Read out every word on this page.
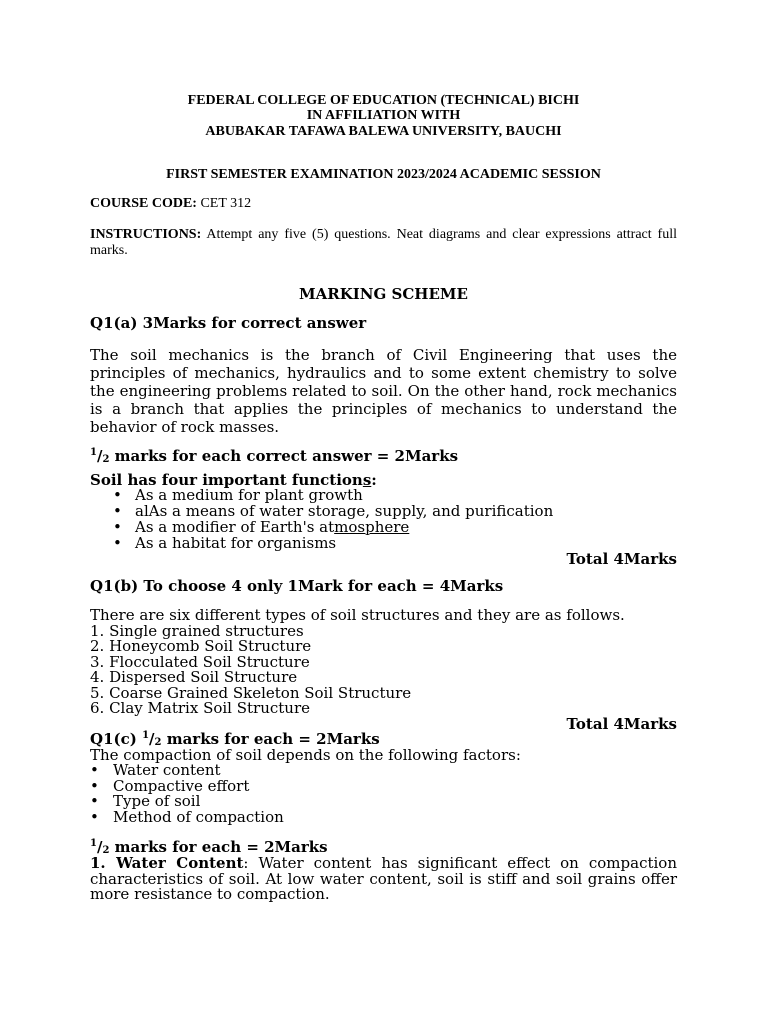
FEDERAL COLLEGE OF EDUCATION (TECHNICAL) BICHI
IN AFFILIATION WITH
ABUBAKAR TAFAWA BALEWA UNIVERSITY, BAUCHI
FIRST SEMESTER EXAMINATION 2023/2024 ACADEMIC SESSION
COURSE CODE: CET 312
INSTRUCTIONS: Attempt any five (5) questions. Neat diagrams and clear expressions attract full marks.
MARKING SCHEME
Q1(a) 3Marks for correct answer
The soil mechanics is the branch of Civil Engineering that uses the principles of mechanics, hydraulics and to some extent chemistry to solve the engineering problems related to soil. On the other hand, rock mechanics is a branch that applies the principles of mechanics to understand the behavior of rock masses.
$^1/_2$ marks for each correct answer = 2Marks
Soil has four important functions:
• As a medium for plant growth
• alAs a means of water storage, supply, and purification
• As a modifier of Earth's atmosphere
• As a habitat for organisms
Total 4Marks
Q1(b) To choose 4 only 1Mark for each = 4Marks
There are six different types of soil structures and they are as follows.
1. Single grained structures
2. Honeycomb Soil Structure
3. Flocculated Soil Structure
4. Dispersed Soil Structure
5. Coarse Grained Skeleton Soil Structure
6. Clay Matrix Soil Structure
Total 4Marks
Q1(c) $^1/_2$ marks for each = 2Marks
The compaction of soil depends on the following factors:
• Water content
• Compactive effort
• Type of soil
• Method of compaction
$^1/_2$ marks for each = 2Marks
1. Water Content: Water content has significant effect on compaction characteristics of soil. At low water content, soil is stiff and soil grains offer more resistance to compaction.
